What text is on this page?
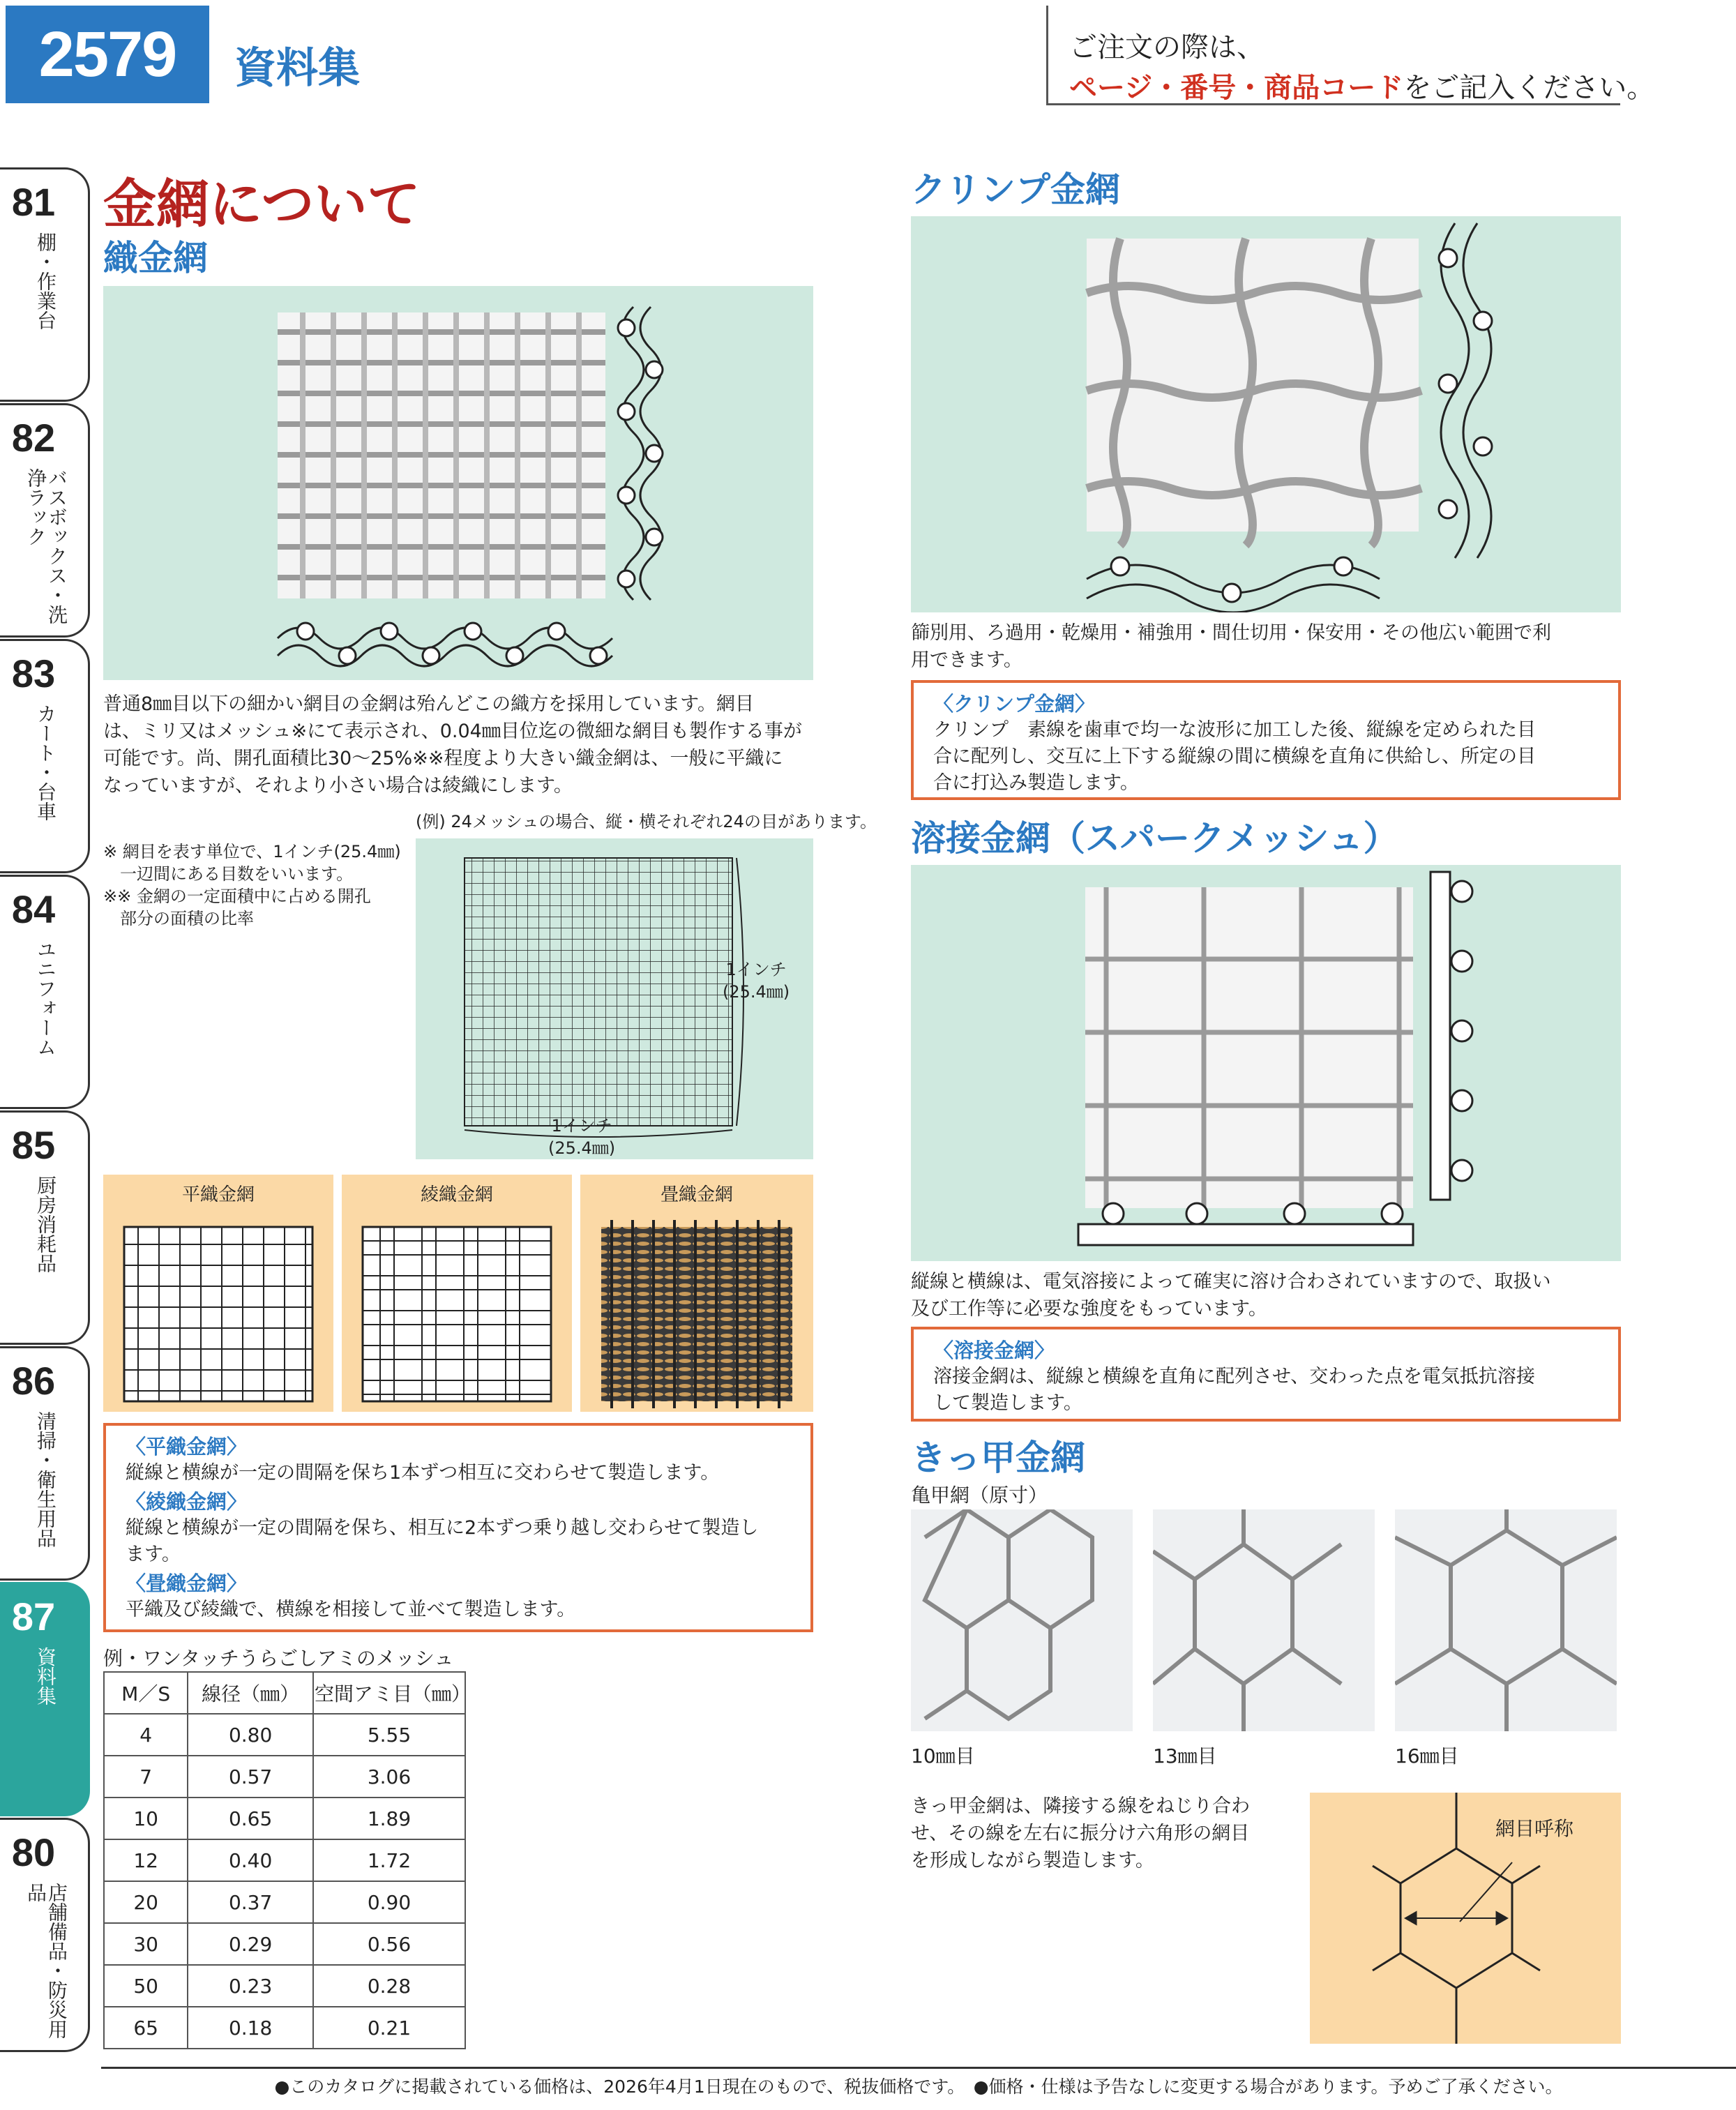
2579	資料集	ご注文の際は、
ページ・番号・商品コードをご記入ください。
81
棚・作業台
82
バスボックス・洗浄ラック
83
カート・台車
84
ユニフォーム
85
厨房消耗品
86
清掃・衛生用品
87
資料集
80
店舗備品・防災用品
金網について
織金網
普通8㎜目以下の細かい網目の金網は殆んどこの織方を採用しています。網目
は、ミリ又はメッシュ※にて表示され、0.04㎜目位迄の微細な網目も製作する事が
可能です。尚、開孔面積比30～25%※※程度より大きい織金網は、一般に平織に
なっていますが、それより小さい場合は綾織にします。
※ 網目を表す単位で、1インチ(25.4㎜)
一辺間にある目数をいいます。
※※ 金網の一定面積中に占める開孔
部分の面積の比率
(例) 24メッシュの場合、縦・横それぞれ24の目があります。
1インチ
(25.4㎜)
1インチ
(25.4㎜)
平織金網	綾織金網	畳織金網
〈平織金網〉
縦線と横線が一定の間隔を保ち1本ずつ相互に交わらせて製造します。
〈綾織金網〉
縦線と横線が一定の間隔を保ち、相互に2本ずつ乗り越し交わらせて製造し
ます。
〈畳織金網〉
平織及び綾織で、横線を相接して並べて製造します。
例・ワンタッチうらごしアミのメッシュ
M／S	線径（㎜）	空間アミ目（㎜）
4	0.80	5.55
7	0.57	3.06
10	0.65	1.89
12	0.40	1.72
20	0.37	0.90
30	0.29	0.56
50	0.23	0.28
65	0.18	0.21
クリンプ金網
篩別用、ろ過用・乾燥用・補強用・間仕切用・保安用・その他広い範囲で利
用できます。
〈クリンプ金網〉
クリンプ　素線を歯車で均一な波形に加工した後、縦線を定められた目
合に配列し、交互に上下する縦線の間に横線を直角に供給し、所定の目
合に打込み製造します。
溶接金網（スパークメッシュ）
縦線と横線は、電気溶接によって確実に溶け合わされていますので、取扱い
及び工作等に必要な強度をもっています。
〈溶接金網〉
溶接金網は、縦線と横線を直角に配列させ、交わった点を電気抵抗溶接
して製造します。
きっ甲金網
亀甲網（原寸）
10㎜目	13㎜目	16㎜目
きっ甲金網は、隣接する線をねじり合わ
せ、その線を左右に振分け六角形の網目
を形成しながら製造します。
網目呼称
●このカタログに掲載されている価格は、2026年4月1日現在のもので、税抜価格です。　●価格・仕様は予告なしに変更する場合があります。予めご了承ください。
